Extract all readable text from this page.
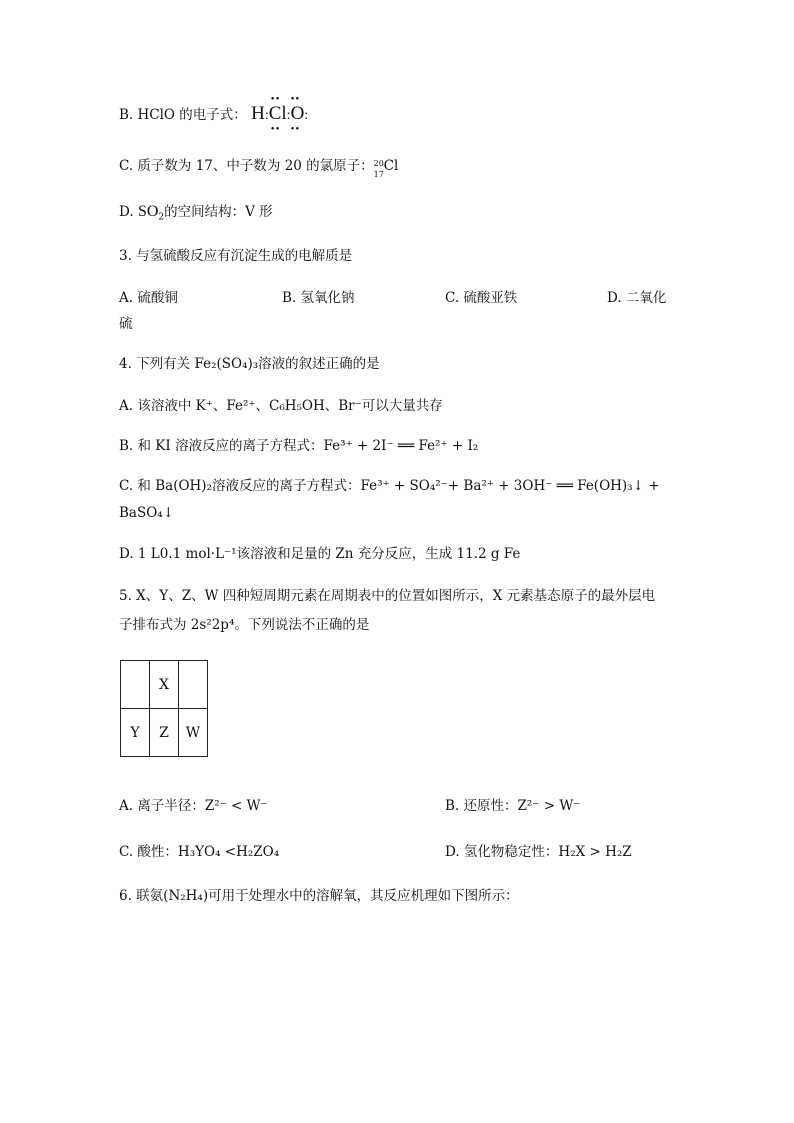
B. HClO 的电子式： H:
••
Cl
••
:
••
O
••
:
C. 质子数为 17、中子数为 20 的氯原子： 20
17
Cl
D. $SO_2$的空间结构：V 形
3. 与氢硫酸反应有沉淀生成的电解质是
A. 硫酸铜	B. 氢氧化钠	C. 硫酸亚铁	D. 二氧化
硫
4. 下列有关 Fe₂(SO₄)₃溶液的叙述正确的是
A. 该溶液中 K⁺、Fe²⁺、C₆H₅OH、Br⁻可以大量共存
B. 和 KI 溶液反应的离子方程式：Fe³⁺ + 2I⁻ ══ Fe²⁺ + I₂
C. 和 Ba(OH)₂溶液反应的离子方程式：Fe³⁺ + SO₄²⁻+ Ba²⁺ + 3OH⁻ ══ Fe(OH)₃↓ +
BaSO₄↓
D. 1 L0.1 mol·L⁻¹该溶液和足量的 Zn 充分反应，生成 11.2 g Fe
5. X、Y、Z、W 四种短周期元素在周期表中的位置如图所示，X 元素基态原子的最外层电
子排布式为 2s²2p⁴。下列说法不正确的是
	X	
Y	Z	W
A. 离子半径：Z²⁻ < W⁻	B. 还原性：Z²⁻ > W⁻
C. 酸性：H₃YO₄ <H₂ZO₄	D. 氢化物稳定性：H₂X > H₂Z
6. 联氨(N₂H₄)可用于处理水中的溶解氧，其反应机理如下图所示：
